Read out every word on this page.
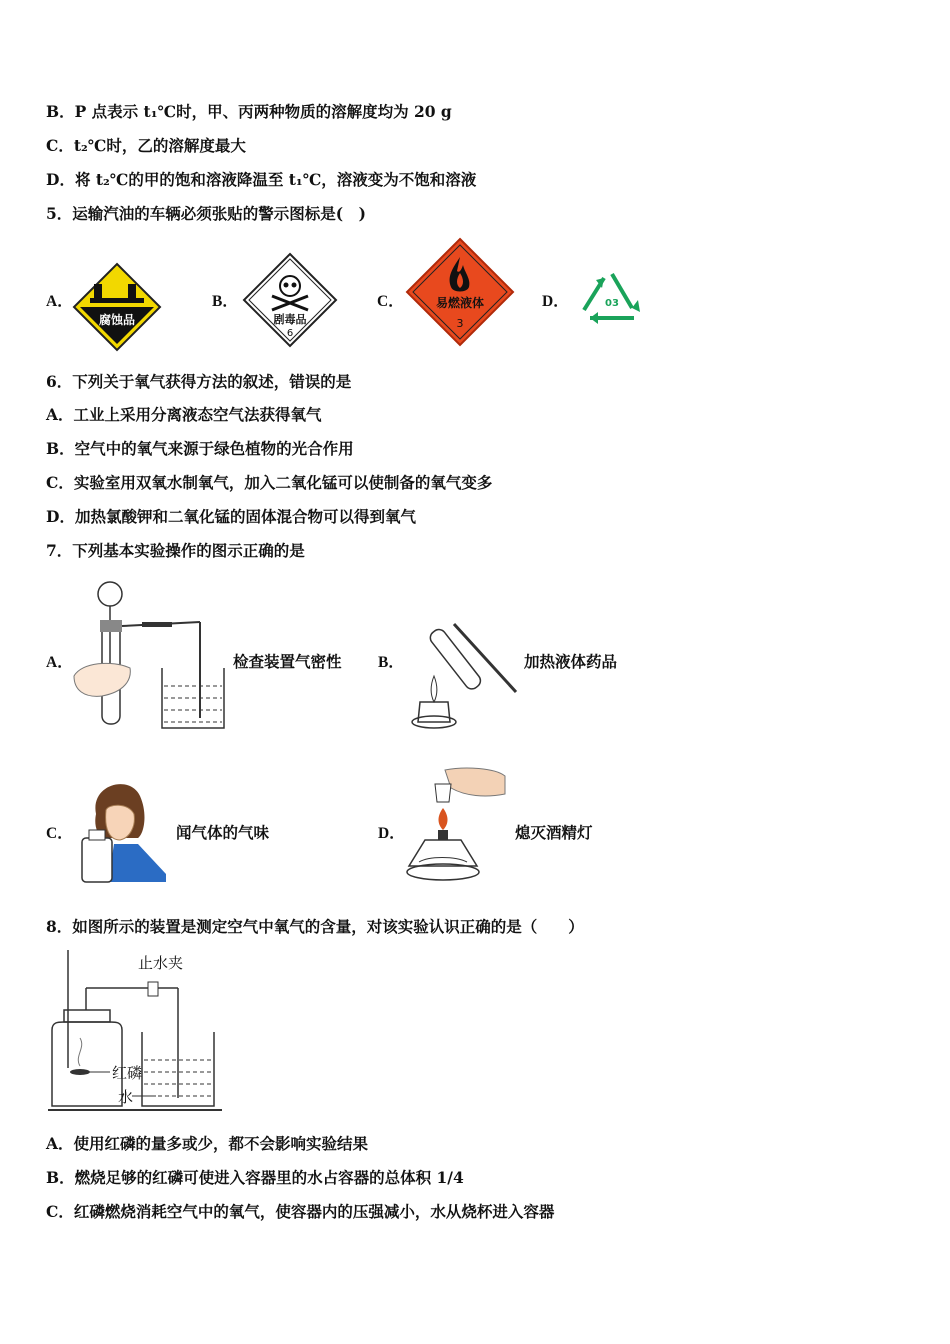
B．P 点表示 t₁℃时，甲、丙两种物质的溶解度均为 20 g
C．t₂℃时，乙的溶解度最大
D．将 t₂℃的甲的饱和溶液降温至 t₁℃，溶液变为不饱和溶液
5．运输汽油的车辆必须张贴的警示图标是(　)
A．
腐蚀品
B．
剧毒品
6
C．	易燃液体
3
D．	03
6．下列关于氧气获得方法的叙述，错误的是
A．工业上采用分离液态空气法获得氧气
B．空气中的氧气来源于绿色植物的光合作用
C．实验室用双氧水制氧气，加入二氧化锰可以使制备的氧气变多
D．加热氯酸钾和二氧化锰的固体混合物可以得到氧气
7．下列基本实验操作的图示正确的是
A．	检查装置气密性 B．	加热液体药品
C．	闻气体的气味	D．	熄灭酒精灯
8．如图所示的装置是测定空气中氧气的含量，对该实验认识正确的是（　　）
止水夹
红磷
水
A．使用红磷的量多或少，都不会影响实验结果
B．燃烧足够的红磷可使进入容器里的水占容器的总体积 1/4
C．红磷燃烧消耗空气中的氧气，使容器内的压强减小，水从烧杯进入容器
